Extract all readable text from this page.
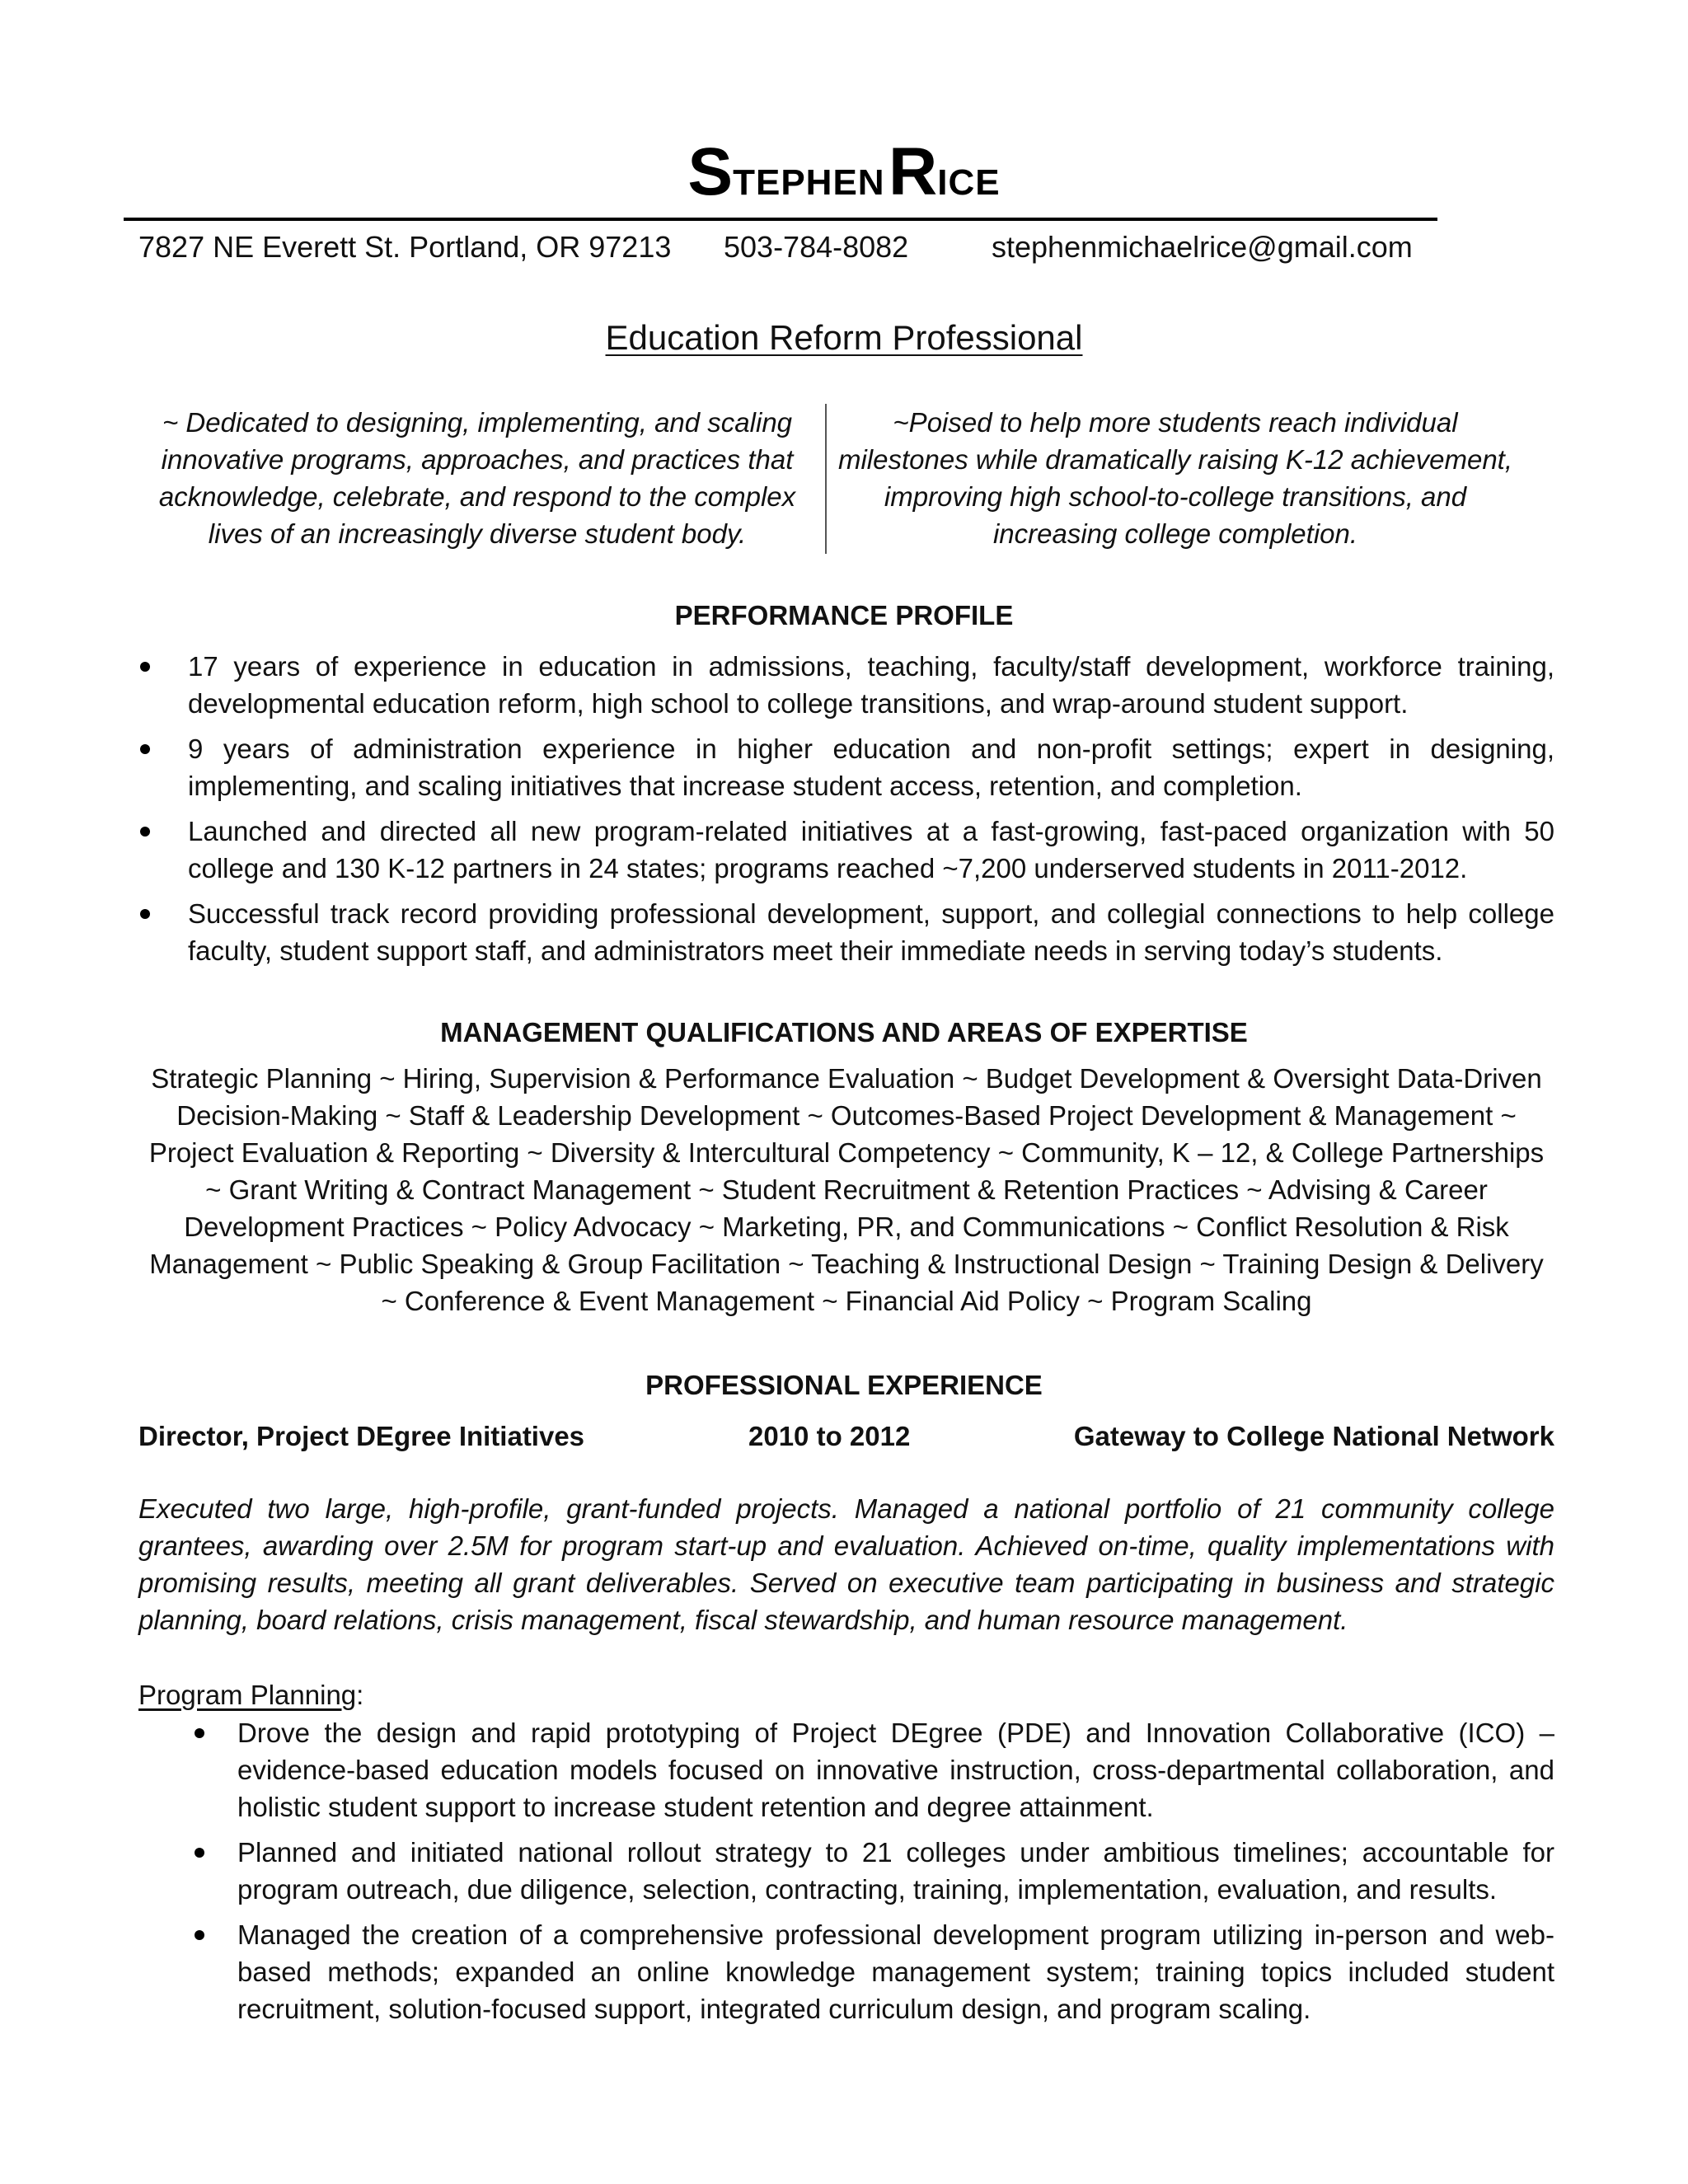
STEPHEN RICE
7827 NE Everett St. Portland, OR 97213 503-784-8082	stephenmichaelrice@gmail.com
Education Reform Professional
~ Dedicated to designing, implementing, and scaling innovative programs, approaches, and practices that acknowledge, celebrate, and respond to the complex lives of an increasingly diverse student body.
~Poised to help more students reach individual milestones while dramatically raising K-12 achievement, improving high school-to-college transitions, and increasing college completion.
PERFORMANCE PROFILE
17 years of experience in education in admissions, teaching, faculty/staff development, workforce training, developmental education reform, high school to college transitions, and wrap-around student support.
9 years of administration experience in higher education and non-profit settings; expert in designing, implementing, and scaling initiatives that increase student access, retention, and completion.
Launched and directed all new program-related initiatives at a fast-growing, fast-paced organization with 50 college and 130 K-12 partners in 24 states; programs reached ~7,200 underserved students in 2011-2012.
Successful track record providing professional development, support, and collegial connections to help college faculty, student support staff, and administrators meet their immediate needs in serving today’s students.
MANAGEMENT QUALIFICATIONS AND AREAS OF EXPERTISE
Strategic Planning ~ Hiring, Supervision & Performance Evaluation ~ Budget Development & Oversight Data-Driven Decision-Making ~ Staff & Leadership Development ~ Outcomes-Based Project Development & Management ~ Project Evaluation & Reporting ~ Diversity & Intercultural Competency ~ Community, K – 12, & College Partnerships ~ Grant Writing & Contract Management ~ Student Recruitment & Retention Practices ~ Advising & Career Development Practices ~ Policy Advocacy ~ Marketing, PR, and Communications ~ Conflict Resolution & Risk Management ~ Public Speaking & Group Facilitation ~ Teaching & Instructional Design ~ Training Design & Delivery ~ Conference & Event Management ~ Financial Aid Policy ~ Program Scaling
PROFESSIONAL EXPERIENCE
Director, Project DEgree Initiatives	2010 to 2012	Gateway to College National Network
Executed two large, high-profile, grant-funded projects. Managed a national portfolio of 21 community college grantees, awarding over 2.5M for program start-up and evaluation. Achieved on-time, quality implementations with promising results, meeting all grant deliverables. Served on executive team participating in business and strategic planning, board relations, crisis management, fiscal stewardship, and human resource management.
Program Planning:
Drove the design and rapid prototyping of Project DEgree (PDE) and Innovation Collaborative (ICO) – evidence-based education models focused on innovative instruction, cross-departmental collaboration, and holistic student support to increase student retention and degree attainment.
Planned and initiated national rollout strategy to 21 colleges under ambitious timelines; accountable for program outreach, due diligence, selection, contracting, training, implementation, evaluation, and results.
Managed the creation of a comprehensive professional development program utilizing in-person and web-based methods; expanded an online knowledge management system; training topics included student recruitment, solution-focused support, integrated curriculum design, and program scaling.
